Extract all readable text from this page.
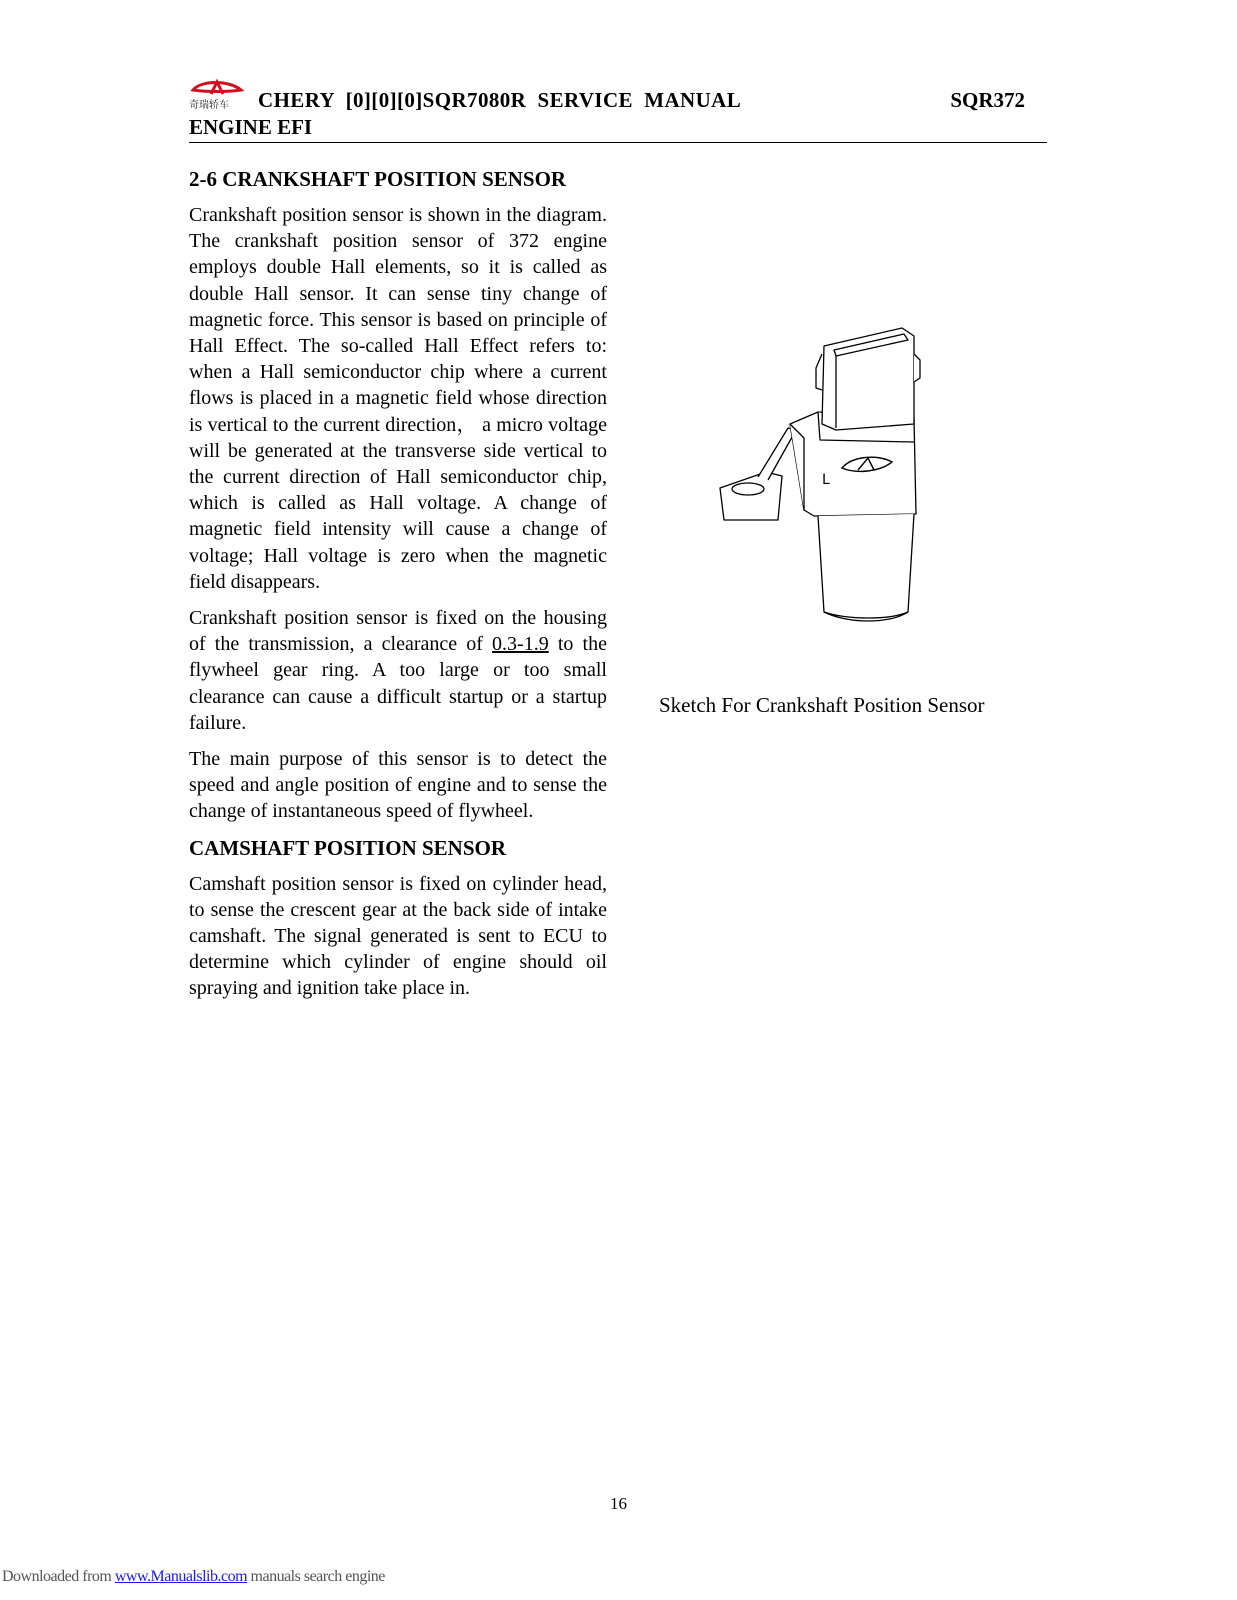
奇瑞轿车 CHERY  [0][0][0]SQR7080R  SERVICE  MANUAL	SQR372
ENGINE EFI
2-6 CRANKSHAFT POSITION SENSOR

Crankshaft position sensor is shown in the diagram. The crankshaft position sensor of 372 engine employs double Hall elements, so it is called as double Hall sensor. It can sense tiny change of magnetic force. This sensor is based on principle of Hall Effect. The so-called Hall Effect refers to: when a Hall semiconductor chip where a current flows is placed in a magnetic field whose direction is vertical to the current direction， a micro voltage will be generated at the transverse side vertical to the current direction of Hall semiconductor chip, which is called as Hall voltage. A change of magnetic field intensity will cause a change of voltage; Hall voltage is zero when the magnetic field disappears.

Crankshaft position sensor is fixed on the housing of the transmission, a clearance of 0.3-1.9 to the flywheel gear ring. A too large or too small clearance can cause a difficult startup or a startup failure.

The main purpose of this sensor is to detect the speed and angle position of engine and to sense the change of instantaneous speed of flywheel.

CAMSHAFT POSITION SENSOR

Camshaft position sensor is fixed on cylinder head, to sense the crescent gear at the back side of intake camshaft. The signal generated is sent to ECU to determine which cylinder of engine should oil spraying and ignition take place in.

L
Sketch For Crankshaft Position Sensor
16
Downloaded from www.Manualslib.com manuals search engine
